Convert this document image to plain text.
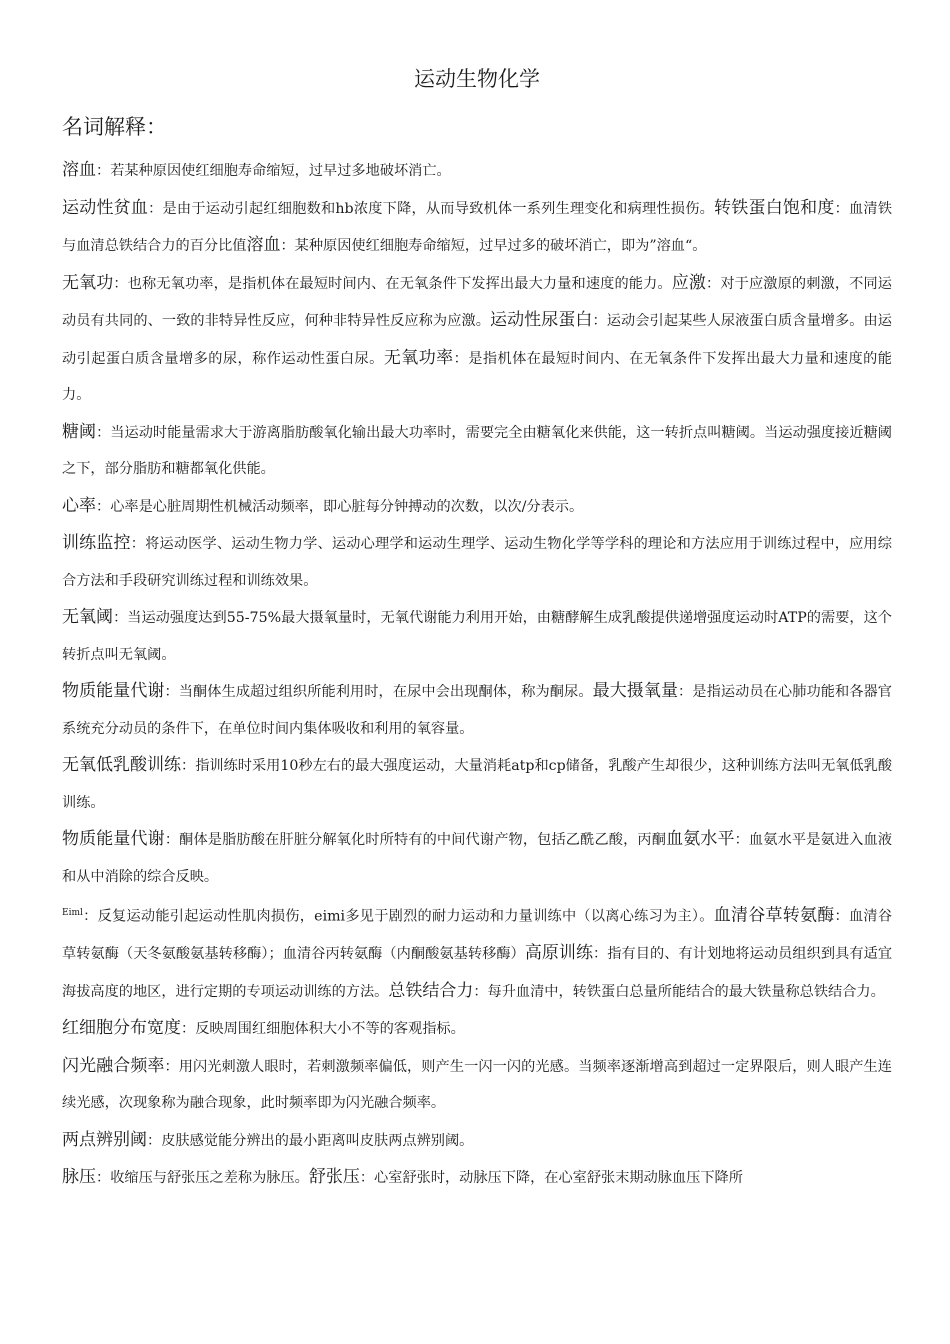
运动生物化学
名词解释：

溶血：若某种原因使红细胞寿命缩短，过早过多地破坏消亡。

运动性贫血：是由于运动引起红细胞数和hb浓度下降，从而导致机体一系列生理变化和病理性损伤。转铁蛋白饱和度：血清铁与血清总铁结合力的百分比值溶血：某种原因使红细胞寿命缩短，过早过多的破坏消亡，即为”溶血“。

无氧功：也称无氧功率，是指机体在最短时间内、在无氧条件下发挥出最大力量和速度的能力。应激：对于应激原的刺激，不同运动员有共同的、一致的非特异性反应，何种非特异性反应称为应激。运动性尿蛋白：运动会引起某些人尿液蛋白质含量增多。由运动引起蛋白质含量增多的尿，称作运动性蛋白尿。无氧功率：是指机体在最短时间内、在无氧条件下发挥出最大力量和速度的能力。

糖阈：当运动时能量需求大于游离脂肪酸氧化输出最大功率时，需要完全由糖氧化来供能，这一转折点叫糖阈。当运动强度接近糖阈之下，部分脂肪和糖都氧化供能。

心率：心率是心脏周期性机械活动频率，即心脏每分钟搏动的次数，以次/分表示。

训练监控：将运动医学、运动生物力学、运动心理学和运动生理学、运动生物化学等学科的理论和方法应用于训练过程中，应用综合方法和手段研究训练过程和训练效果。

无氧阈：当运动强度达到55-75%最大摄氧量时，无氧代谢能力利用开始，由糖酵解生成乳酸提供递增强度运动时ATP的需要，这个转折点叫无氧阈。

物质能量代谢：当酮体生成超过组织所能利用时，在尿中会出现酮体，称为酮尿。最大摄氧量：是指运动员在心肺功能和各器官系统充分动员的条件下，在单位时间内集体吸收和利用的氧容量。

无氧低乳酸训练：指训练时采用10秒左右的最大强度运动，大量消耗atp和cp储备，乳酸产生却很少，这种训练方法叫无氧低乳酸训练。

物质能量代谢：酮体是脂肪酸在肝脏分解氧化时所特有的中间代谢产物，包括乙酰乙酸，丙酮血氨水平：血氨水平是氨进入血液和从中消除的综合反映。

$^{Eiml}$：反复运动能引起运动性肌肉损伤，eimi多见于剧烈的耐力运动和力量训练中（以离心练习为主）。血清谷草转氨酶：血清谷草转氨酶（天冬氨酸氨基转移酶）；血清谷丙转氨酶（内酮酸氨基转移酶）高原训练：指有目的、有计划地将运动员组织到具有适宜海拔高度的地区，进行定期的专项运动训练的方法。总铁结合力：每升血清中，转铁蛋白总量所能结合的最大铁量称总铁结合力。

红细胞分布宽度：反映周围红细胞体积大小不等的客观指标。

闪光融合频率：用闪光刺激人眼时，若刺激频率偏低，则产生一闪一闪的光感。当频率逐渐增高到超过一定界限后，则人眼产生连续光感，次现象称为融合现象，此时频率即为闪光融合频率。

两点辨别阈：皮肤感觉能分辨出的最小距离叫皮肤两点辨别阈。

脉压：收缩压与舒张压之差称为脉压。舒张压：心室舒张时，动脉压下降，在心室舒张末期动脉血压下降所
